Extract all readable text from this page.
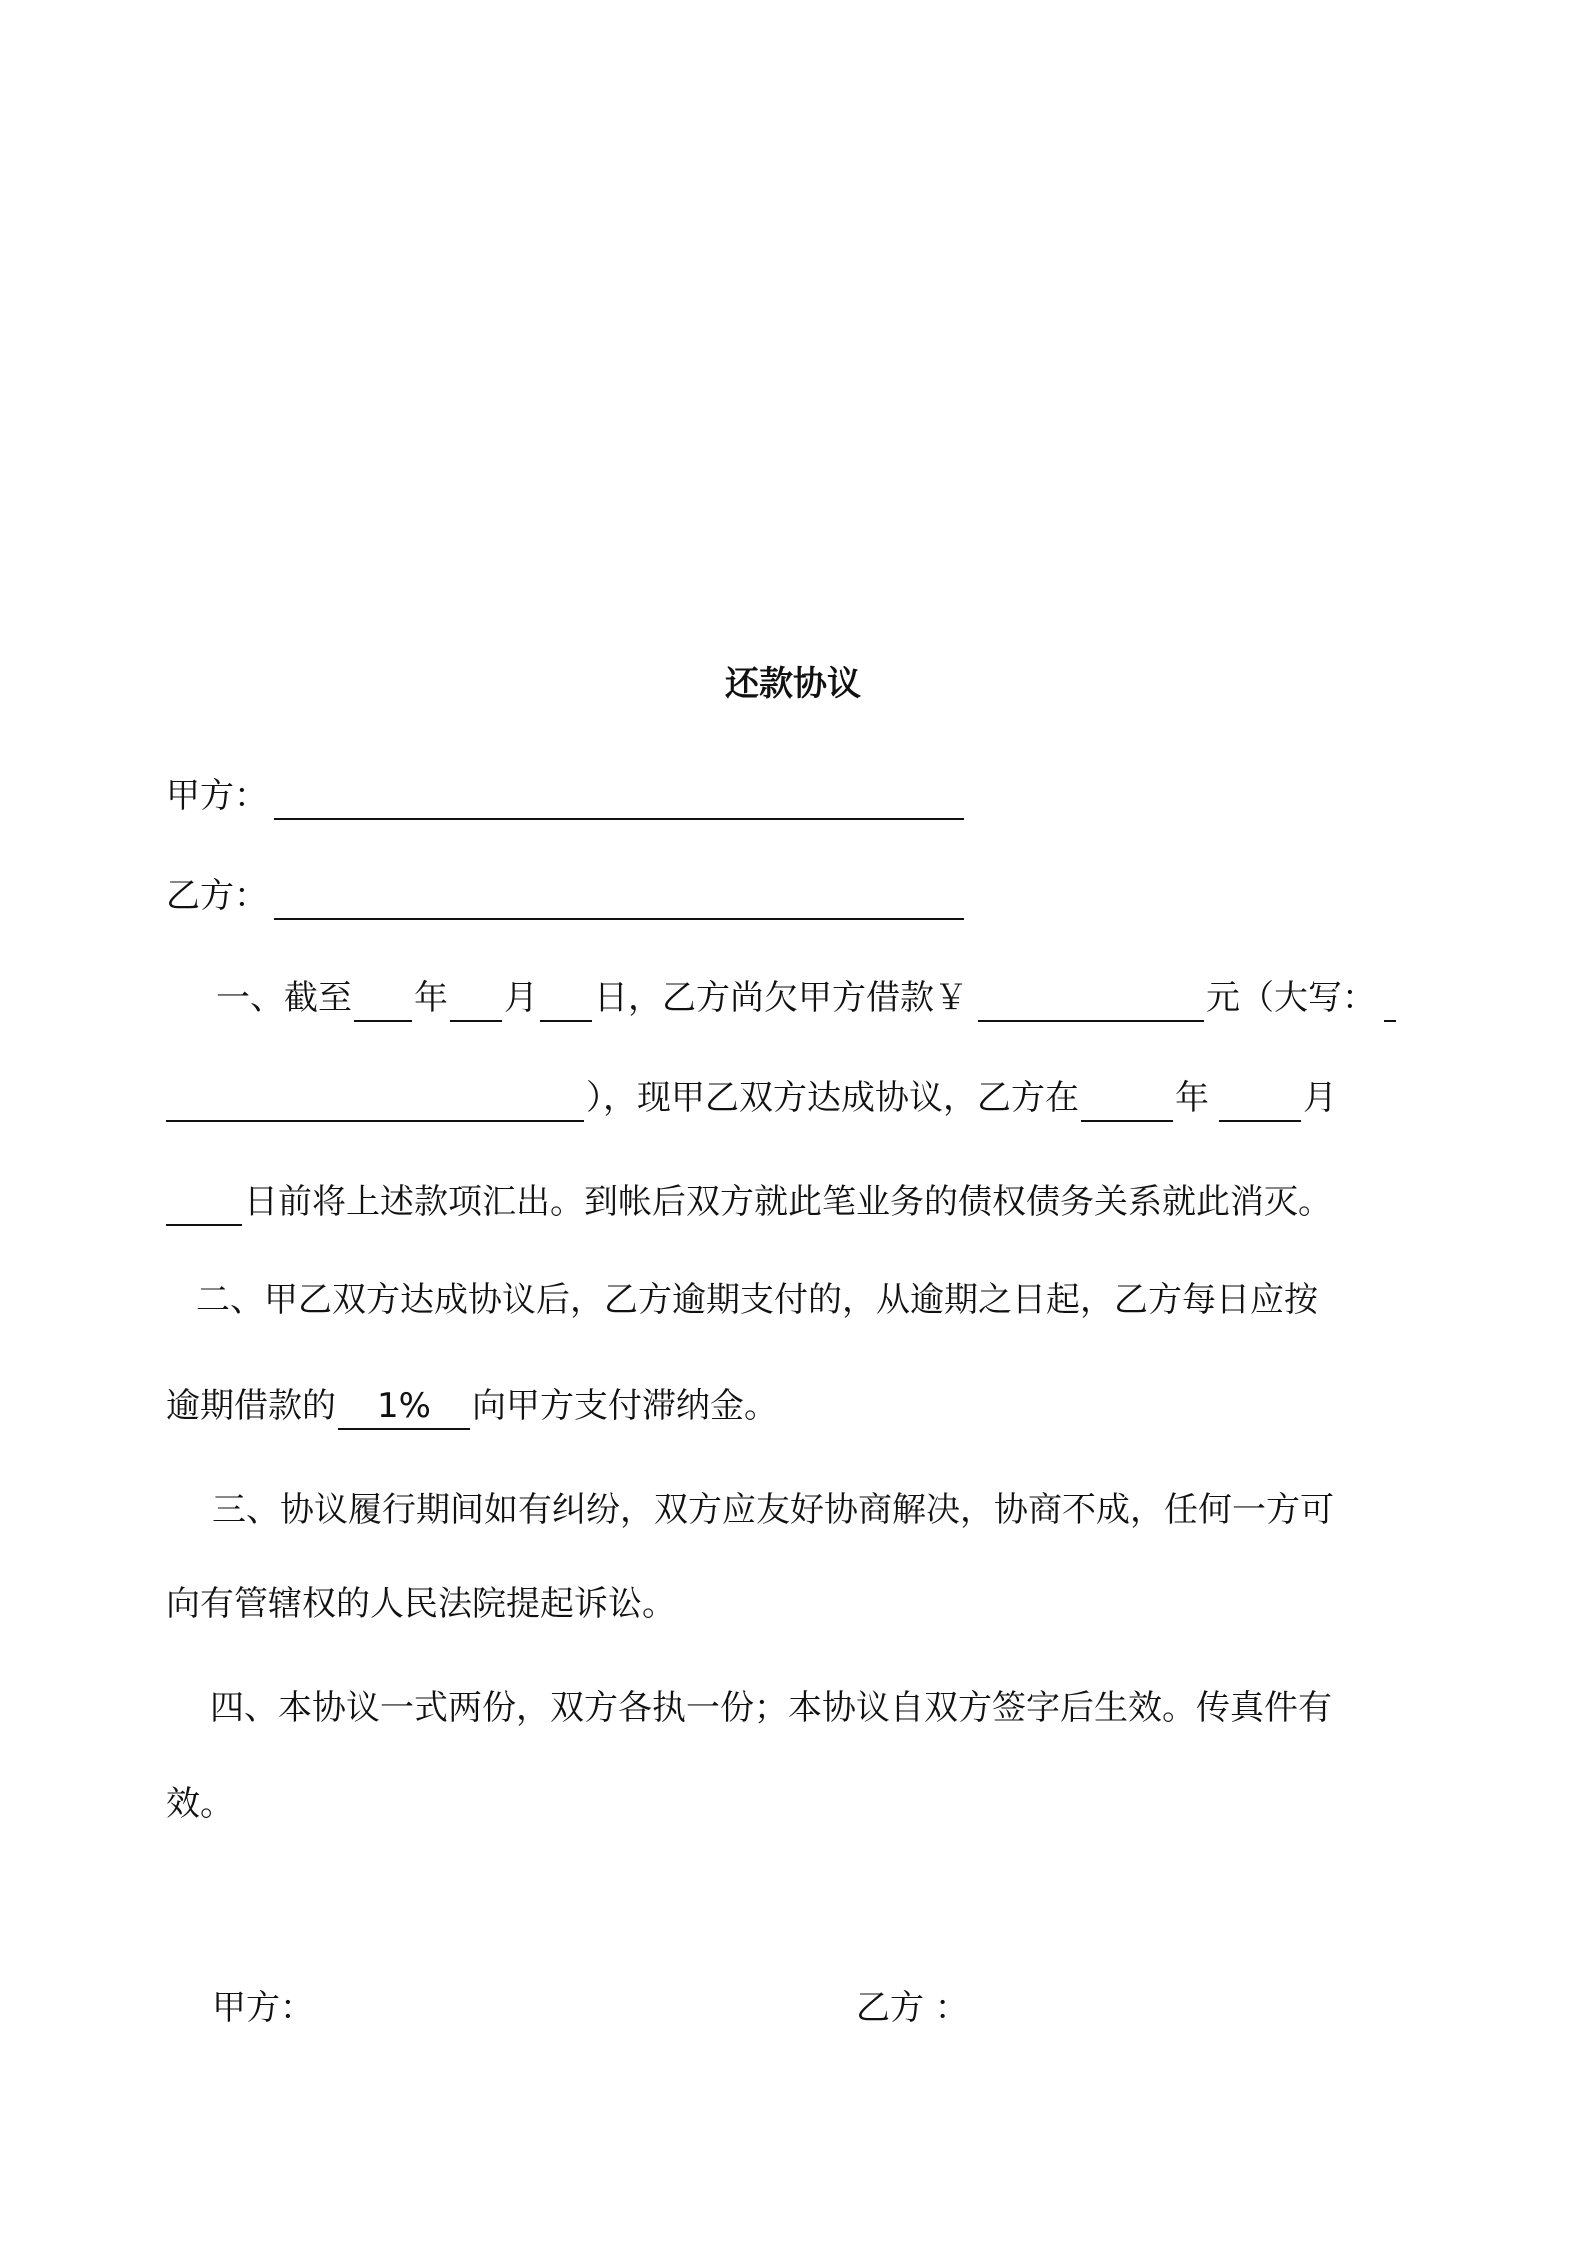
还款协议
甲方：
乙方：
一、截至 年 月 日，乙方尚欠甲方借款￥	元（大写：
），现甲乙双方达成协议，乙方在	年	月
日前将上述款项汇出。到帐后双方就此笔业务的债权债务关系就此消灭。
二、甲乙双方达成协议后，乙方逾期支付的，从逾期之日起，乙方每日应按
逾期借款的 1% 向甲方支付滞纳金。
三、协议履行期间如有纠纷，双方应友好协商解决，协商不成，任何一方可
向有管辖权的人民法院提起诉讼。
四、本协议一式两份，双方各执一份；本协议自双方签字后生效。传真件有
效。
甲方：	乙方 ：
